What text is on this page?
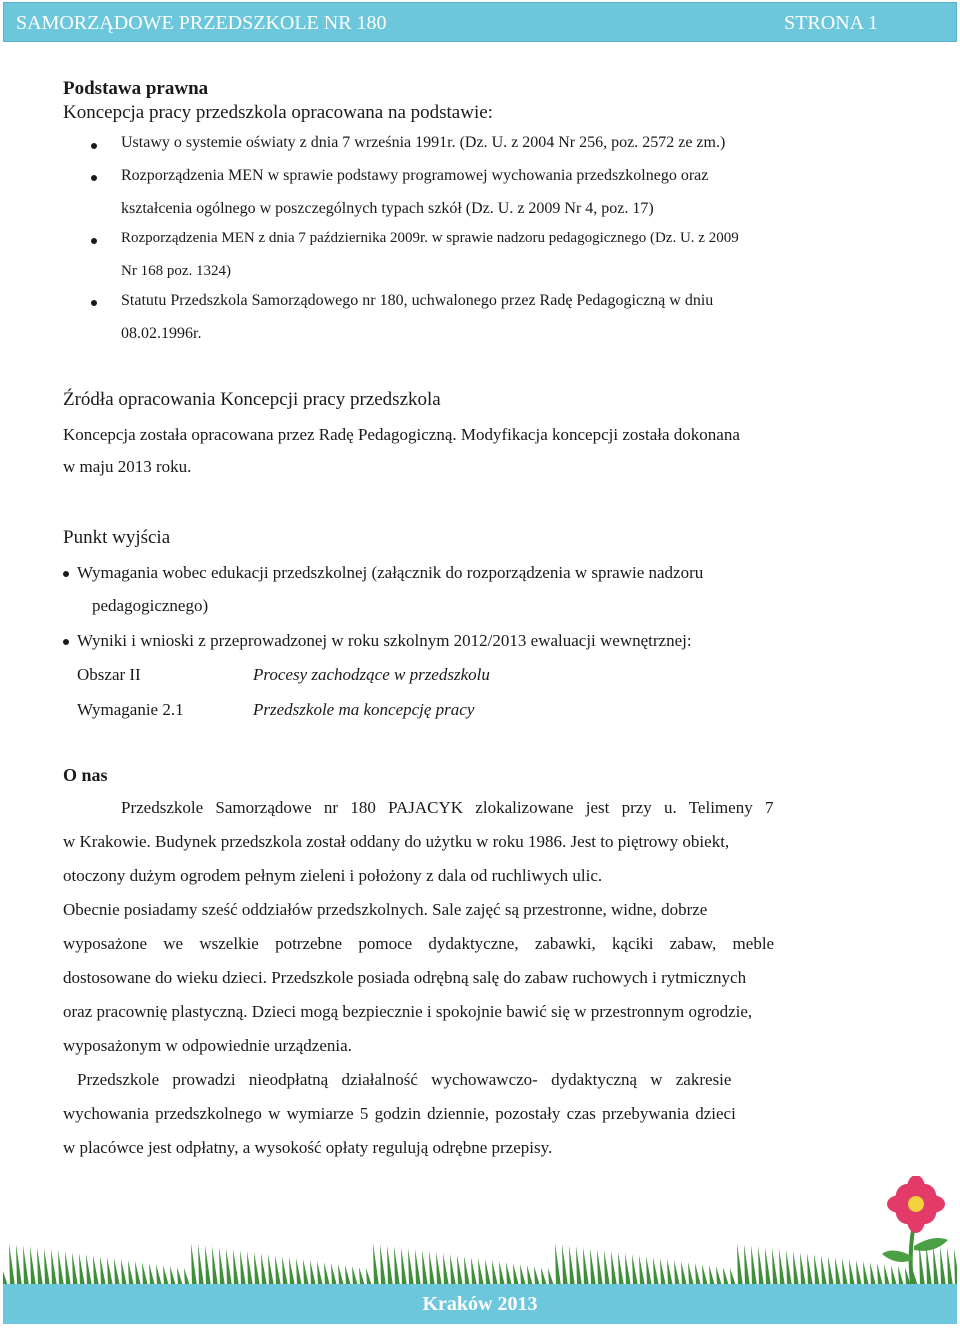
SAMORZĄDOWE PRZEDSZKOLE NR 180	STRONA 1
Podstawa prawna
Koncepcja pracy przedszkola opracowana na podstawie:
Ustawy o systemie oświaty z dnia 7 września 1991r. (Dz. U. z 2004 Nr 256, poz. 2572 ze zm.)
Rozporządzenia MEN w sprawie podstawy programowej wychowania przedszkolnego oraz
kształcenia ogólnego w poszczególnych typach szkół (Dz. U. z 2009 Nr 4, poz. 17)
Rozporządzenia MEN z dnia 7 października 2009r. w sprawie nadzoru pedagogicznego (Dz. U. z 2009
Nr 168 poz. 1324)
Statutu Przedszkola Samorządowego nr 180, uchwalonego przez Radę Pedagogiczną w dniu
08.02.1996r.
Źródła opracowania Koncepcji pracy przedszkola
Koncepcja została opracowana przez Radę Pedagogiczną. Modyfikacja koncepcji została dokonana
w maju 2013 roku.
Punkt wyjścia
Wymagania wobec edukacji przedszkolnej (załącznik do rozporządzenia w sprawie nadzoru
pedagogicznego)
Wyniki i wnioski z przeprowadzonej w roku szkolnym 2012/2013 ewaluacji wewnętrznej:
Obszar II	Procesy zachodzące w przedszkolu
Wymaganie 2.1	Przedszkole ma koncepcję pracy
O nas
Przedszkole Samorządowe nr 180 PAJACYK zlokalizowane jest przy u. Telimeny 7
w Krakowie. Budynek przedszkola został oddany do użytku w roku 1986. Jest to piętrowy obiekt,
otoczony dużym ogrodem pełnym zieleni i położony z dala od ruchliwych ulic.
Obecnie posiadamy sześć oddziałów przedszkolnych. Sale zajęć są przestronne, widne, dobrze
wyposażone we wszelkie potrzebne pomoce dydaktyczne, zabawki, kąciki zabaw, meble
dostosowane do wieku dzieci. Przedszkole posiada odrębną salę do zabaw ruchowych i rytmicznych
oraz pracownię plastyczną. Dzieci mogą bezpiecznie i spokojnie bawić się w przestronnym ogrodzie,
wyposażonym w odpowiednie urządzenia.
Przedszkole prowadzi nieodpłatną działalność wychowawczo- dydaktyczną w zakresie
wychowania przedszkolnego w wymiarze 5 godzin dziennie, pozostały czas przebywania dzieci
w placówce jest odpłatny, a wysokość opłaty regulują odrębne przepisy.
Kraków 2013
